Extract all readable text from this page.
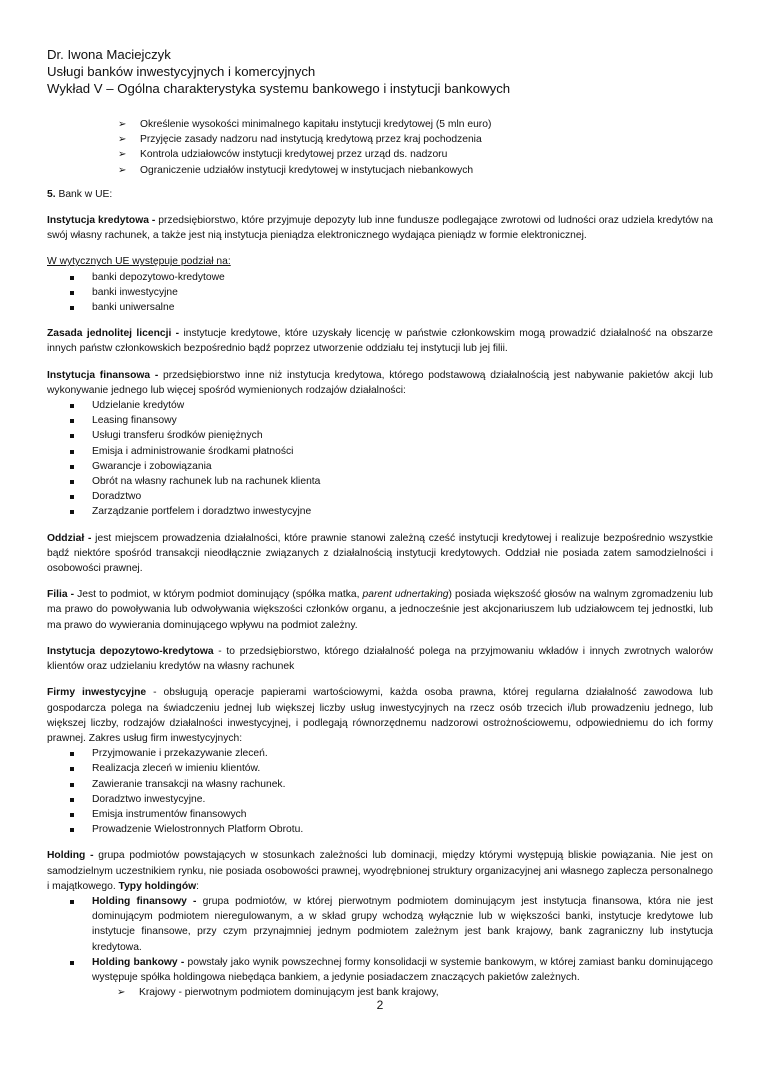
Dr. Iwona Maciejczyk
Usługi banków inwestycyjnych i komercyjnych
Wykład V – Ogólna charakterystyka systemu bankowego i instytucji bankowych
➢ Określenie wysokości minimalnego kapitału instytucji kredytowej (5 mln euro)
➢ Przyjęcie zasady nadzoru nad instytucją kredytową przez kraj pochodzenia
➢ Kontrola udziałowców instytucji kredytowej przez urząd ds. nadzoru
➢ Ograniczenie udziałów instytucji kredytowej w instytucjach niebankowych

5. Bank w UE:

Instytucja kredytowa - przedsiębiorstwo, które przyjmuje depozyty lub inne fundusze podlegające zwrotowi od ludności oraz udziela kredytów na swój własny rachunek, a także jest nią instytucja pieniądza elektronicznego wydająca pieniądz w formie elektronicznej.

W wytycznych UE występuje podział na:

banki depozytowo-kredytowe
banki inwestycyjne
banki uniwersalne

Zasada jednolitej licencji - instytucje kredytowe, które uzyskały licencję w państwie członkowskim mogą prowadzić działalność na obszarze innych państw członkowskich bezpośrednio bądź poprzez utworzenie oddziału tej instytucji lub jej filii.

Instytucja finansowa - przedsiębiorstwo inne niż instytucja kredytowa, którego podstawową działalnością jest nabywanie pakietów akcji lub wykonywanie jednego lub więcej spośród wymienionych rodzajów działalności:

Udzielanie kredytów
Leasing finansowy
Usługi transferu środków pieniężnych
Emisja i administrowanie środkami płatności
Gwarancje i zobowiązania
Obrót na własny rachunek lub na rachunek klienta
Doradztwo
Zarządzanie portfelem i doradztwo inwestycyjne

Oddział - jest miejscem prowadzenia działalności, które prawnie stanowi zależną cześć instytucji kredytowej i realizuje bezpośrednio wszystkie bądź niektóre spośród transakcji nieodłącznie związanych z działalnością instytucji kredytowych. Oddział nie posiada zatem samodzielności i osobowości prawnej.

Filia - Jest to podmiot, w którym podmiot dominujący (spółka matka, parent udnertaking) posiada większość głosów na walnym zgromadzeniu lub ma prawo do powoływania lub odwoływania większości członków organu, a jednocześnie jest akcjonariuszem lub udziałowcem tej jednostki, lub ma prawo do wywierania dominującego wpływu na podmiot zależny.

Instytucja depozytowo-kredytowa - to przedsiębiorstwo, którego działalność polega na przyjmowaniu wkładów i innych zwrotnych walorów klientów oraz udzielaniu kredytów na własny rachunek

Firmy inwestycyjne - obsługują operacje papierami wartościowymi, każda osoba prawna, której regularna działalność zawodowa lub gospodarcza polega na świadczeniu jednej lub większej liczby usług inwestycyjnych na rzecz osób trzecich i/lub prowadzeniu jednego, lub większej liczby, rodzajów działalności inwestycyjnej, i podlegają równorzędnemu nadzorowi ostrożnościowemu, odpowiedniemu do ich formy prawnej. Zakres usług firm inwestycyjnych:

Przyjmowanie i przekazywanie zleceń.
Realizacja zleceń w imieniu klientów.
Zawieranie transakcji na własny rachunek.
Doradztwo inwestycyjne.
Emisja instrumentów finansowych
Prowadzenie Wielostronnych Platform Obrotu.

Holding - grupa podmiotów powstających w stosunkach zależności lub dominacji, między którymi występują bliskie powiązania. Nie jest on samodzielnym uczestnikiem rynku, nie posiada osobowości prawnej, wyodrębnionej struktury organizacyjnej ani własnego zaplecza personalnego i majątkowego. Typy holdingów:

Holding finansowy - grupa podmiotów, w której pierwotnym podmiotem dominującym jest instytucja finansowa, która nie jest dominującym podmiotem nieregulowanym, a w skład grupy wchodzą wyłącznie lub w większości banki, instytucje kredytowe lub instytucje finansowe, przy czym przynajmniej jednym podmiotem zależnym jest bank krajowy, bank zagraniczny lub instytucja kredytowa.

Holding bankowy - powstały jako wynik powszechnej formy konsolidacji w systemie bankowym, w której zamiast banku dominującego występuje spółka holdingowa niebędąca bankiem, a jedynie posiadaczem znaczących pakietów zależnych.

➢ Krajowy - pierwotnym podmiotem dominującym jest bank krajowy,
2
